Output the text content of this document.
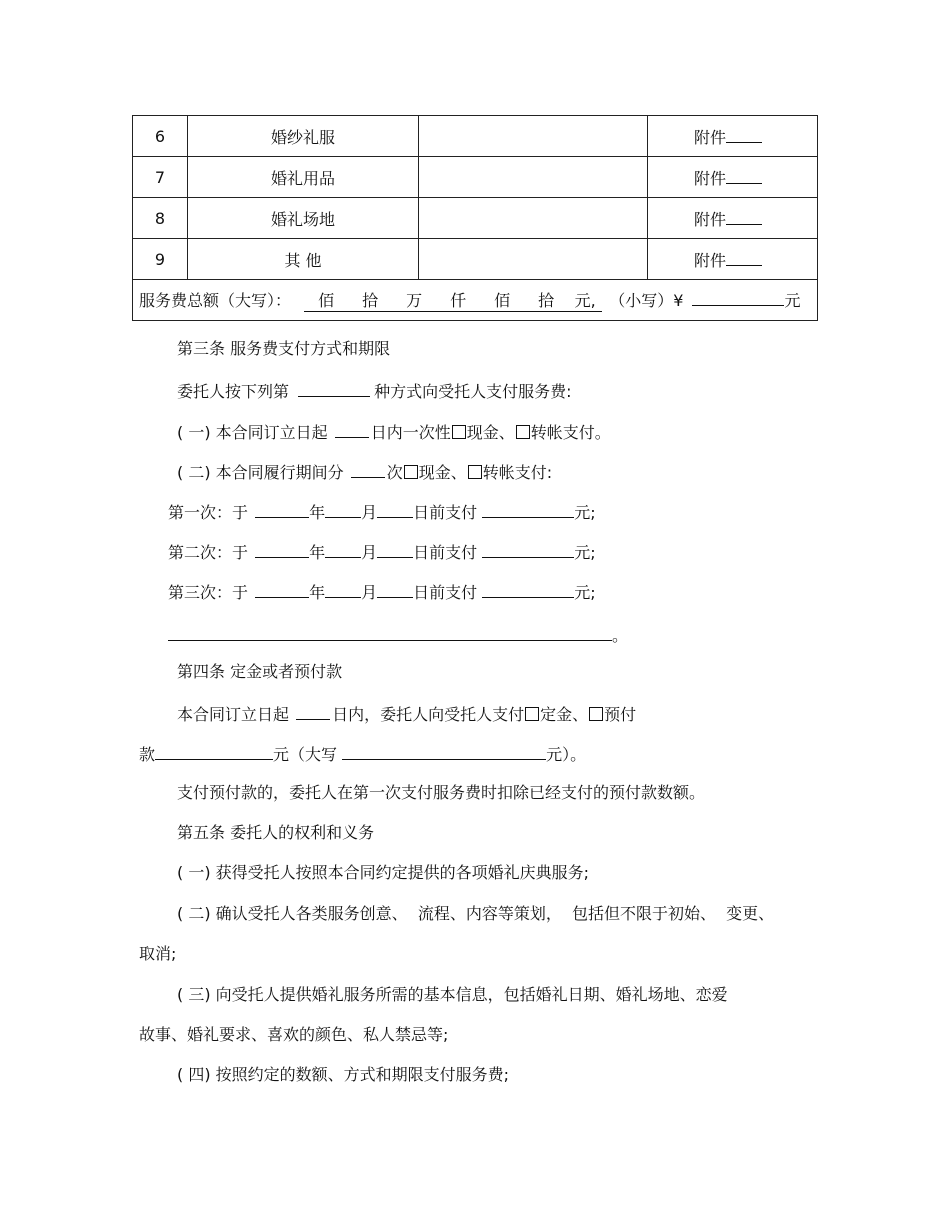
6	婚纱礼服		附件
7	婚礼用品		附件
8	婚礼场地		附件
9	其 他		附件
服务费总额（大写）： 佰 拾 万 仟 佰 拾 元, （小写）¥ 元			
第三条 服务费支付方式和期限
委托人按下列第	种方式向受托人支付服务费:
( 一) 本合同订立日起	日内一次性 现金、 转帐支付。
( 二) 本合同履行期间分	次 现金、 转帐支付:
第一次：于	年 月 日前支付	元;
第二次：于	年 月 日前支付	元;
第三次：于	年 月 日前支付	元;
。
第四条 定金或者预付款
本合同订立日起	日内，委托人向受托人支付 定金、 预付
款	元（大写	元）。
支付预付款的，委托人在第一次支付服务费时扣除已经支付的预付款数额。
第五条 委托人的权利和义务
( 一) 获得受托人按照本合同约定提供的各项婚礼庆典服务;
( 二) 确认受托人各类服务创意、  流程、内容等策划，  包括但不限于初始、  变更、
取消;
( 三) 向受托人提供婚礼服务所需的基本信息，包括婚礼日期、婚礼场地、恋爱
故事、婚礼要求、喜欢的颜色、私人禁忌等;
( 四) 按照约定的数额、方式和期限支付服务费;
